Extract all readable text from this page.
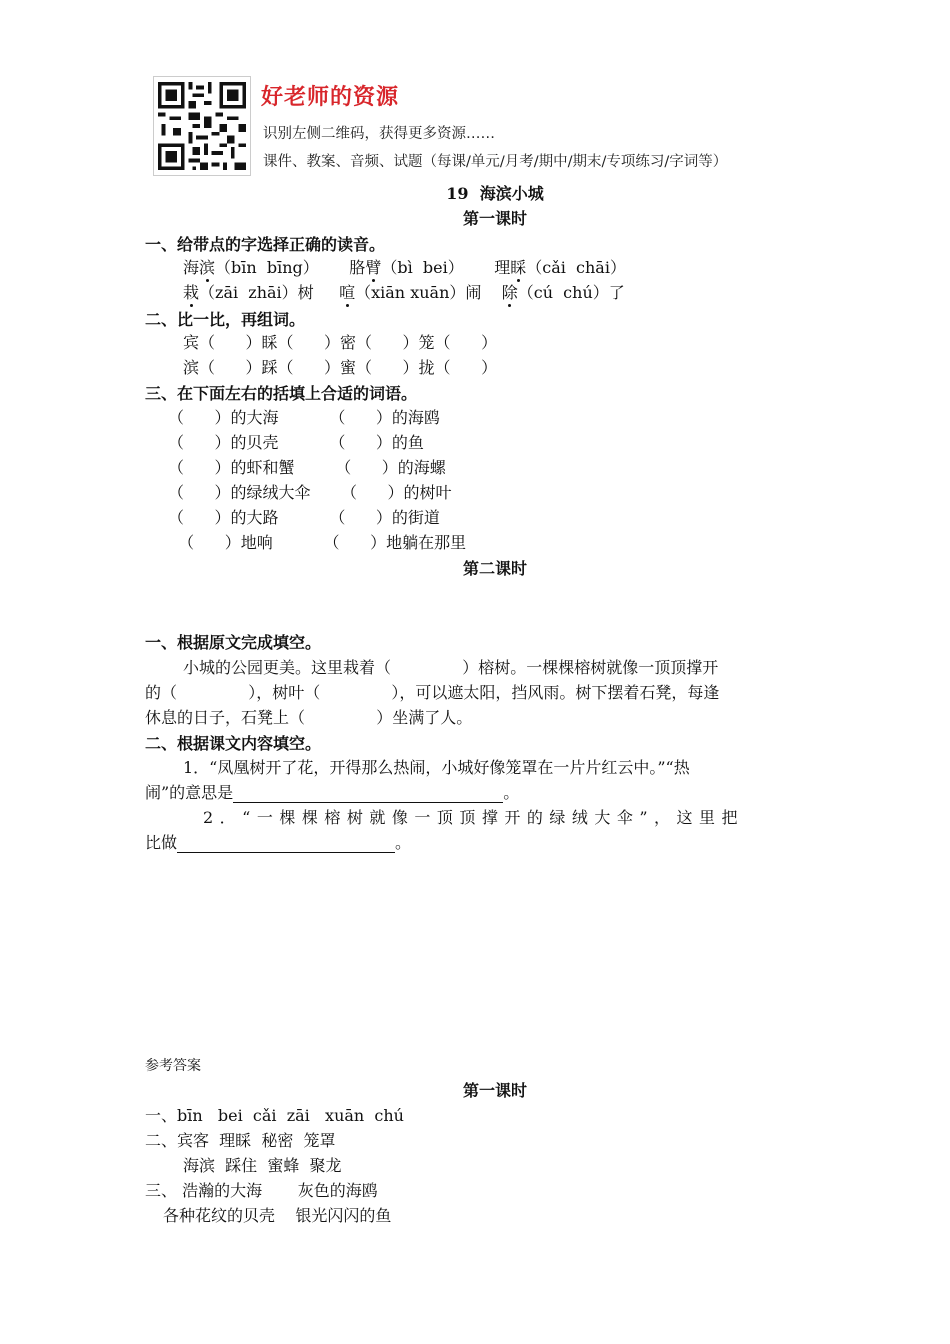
好老师的资源
识别左侧二维码，获得更多资源……
课件、教案、音频、试题（每课/单元/月考/期中/期末/专项练习/字词等）
19  海滨小城
第一课时
一、给带点的字选择正确的读音。
海滨（bīn  bīng） 胳臂（bì  bei） 理睬（cǎi  chāi）
栽（zāi  zhāi）树 喧（xiān xuān）闹 除（cú  chú）了
二、比一比，再组词。
宾（      ）睬（      ）密（      ）笼（      ）
滨（      ）踩（      ）蜜（      ）拢（      ）
三、在下面左右的括填上合适的词语。
（      ）的大海          （      ）的海鸥
（      ）的贝壳          （      ）的鱼
（      ）的虾和蟹        （      ）的海螺
（      ）的绿绒大伞      （      ）的树叶
（      ）的大路          （      ）的街道
（      ）地响          （      ）地躺在那里
第二课时
一、根据原文完成填空。
小城的公园更美。这里栽着（              ）榕树。一棵棵榕树就像一顶顶撑开
的（              ），树叶（              ），可以遮太阳，挡风雨。树下摆着石凳，每逢
休息的日子，石凳上（              ）坐满了人。
二、根据课文内容填空。
1．“凤凰树开了花，开得那么热闹，小城好像笼罩在一片片红云中。”“热
闹”的意思是	。
2．“一棵棵榕树就像一顶顶撑开的绿绒大伞”，这里把
比做	。
参考答案
第一课时
一、bīn   bei  cǎi  zāi   xuān  chú
二、宾客  理睬  秘密  笼罩
海滨  踩住  蜜蜂  聚龙
三、 浩瀚的大海       灰色的海鸥
各种花纹的贝壳    银光闪闪的鱼
